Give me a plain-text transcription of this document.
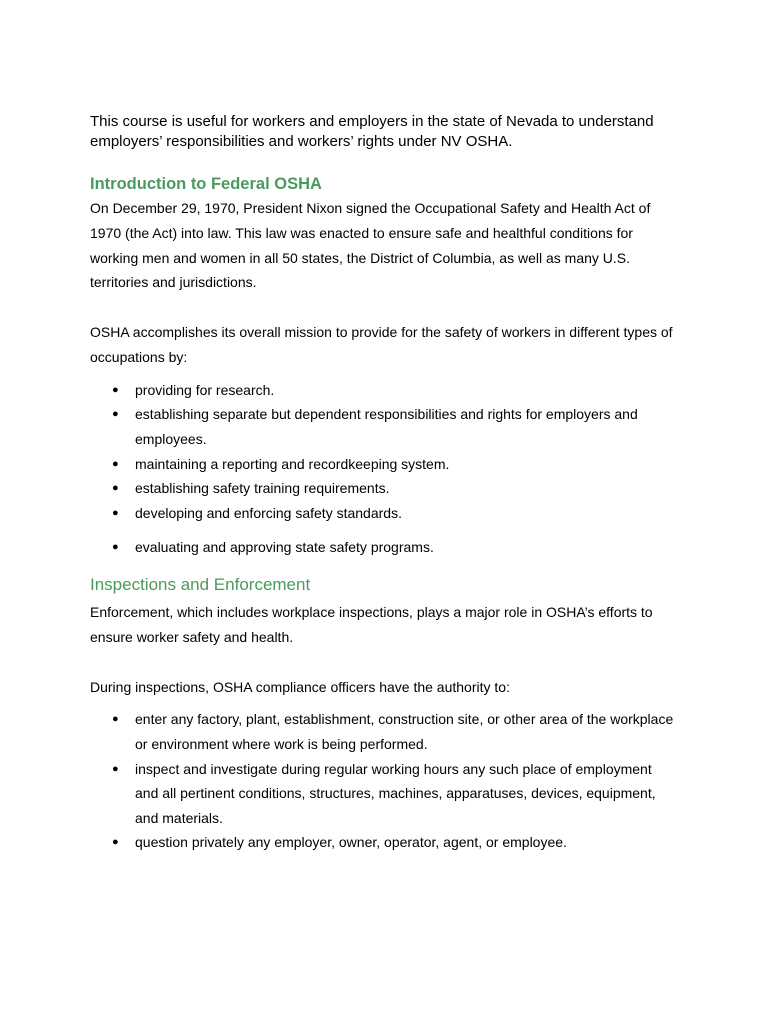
This course is useful for workers and employers in the state of Nevada to understand employers’ responsibilities and workers’ rights under NV OSHA.

Introduction to Federal OSHA

On December 29, 1970, President Nixon signed the Occupational Safety and Health Act of 1970 (the Act) into law. This law was enacted to ensure safe and healthful conditions for working men and women in all 50 states, the District of Columbia, as well as many U.S. territories and jurisdictions.

OSHA accomplishes its overall mission to provide for the safety of workers in different types of occupations by:

● providing for research.
● establishing separate but dependent responsibilities and rights for employers and employees.
● maintaining a reporting and recordkeeping system.
● establishing safety training requirements.
● developing and enforcing safety standards.
● evaluating and approving state safety programs.
Inspections and Enforcement

Enforcement, which includes workplace inspections, plays a major role in OSHA’s efforts to ensure worker safety and health.

During inspections, OSHA compliance officers have the authority to:

● enter any factory, plant, establishment, construction site, or other area of the workplace or environment where work is being performed.
● inspect and investigate during regular working hours any such place of employment and all pertinent conditions, structures, machines, apparatuses, devices, equipment, and materials.
● question privately any employer, owner, operator, agent, or employee.
